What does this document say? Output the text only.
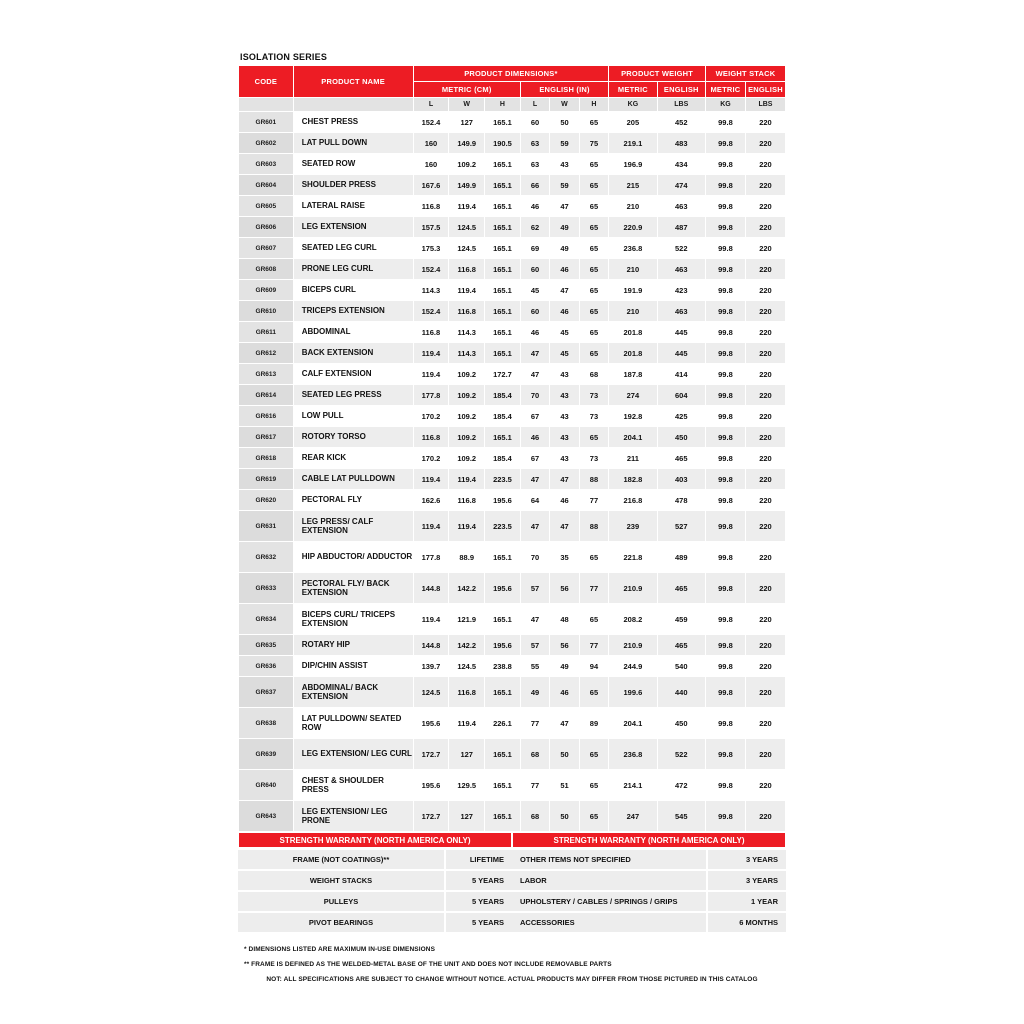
ISOLATION SERIES
CODE	PRODUCT NAME	PRODUCT DIMENSIONS*						PRODUCT WEIGHT		WEIGHT STACK	
		METRIC (CM)			ENGLISH (IN)			METRIC	ENGLISH	METRIC	ENGLISH
		L	W	H	L	W	H	KG	LBS	KG	LBS
GR601	CHEST PRESS	152.4	127	165.1	60	50	65	205	452	99.8	220
GR602	LAT PULL DOWN	160	149.9	190.5	63	59	75	219.1	483	99.8	220
GR603	SEATED ROW	160	109.2	165.1	63	43	65	196.9	434	99.8	220
GR604	SHOULDER PRESS	167.6	149.9	165.1	66	59	65	215	474	99.8	220
GR605	LATERAL RAISE	116.8	119.4	165.1	46	47	65	210	463	99.8	220
GR606	LEG EXTENSION	157.5	124.5	165.1	62	49	65	220.9	487	99.8	220
GR607	SEATED LEG CURL	175.3	124.5	165.1	69	49	65	236.8	522	99.8	220
GR608	PRONE LEG CURL	152.4	116.8	165.1	60	46	65	210	463	99.8	220
GR609	BICEPS CURL	114.3	119.4	165.1	45	47	65	191.9	423	99.8	220
GR610	TRICEPS EXTENSION	152.4	116.8	165.1	60	46	65	210	463	99.8	220
GR611	ABDOMINAL	116.8	114.3	165.1	46	45	65	201.8	445	99.8	220
GR612	BACK EXTENSION	119.4	114.3	165.1	47	45	65	201.8	445	99.8	220
GR613	CALF EXTENSION	119.4	109.2	172.7	47	43	68	187.8	414	99.8	220
GR614	SEATED LEG PRESS	177.8	109.2	185.4	70	43	73	274	604	99.8	220
GR616	LOW PULL	170.2	109.2	185.4	67	43	73	192.8	425	99.8	220
GR617	ROTORY TORSO	116.8	109.2	165.1	46	43	65	204.1	450	99.8	220
GR618	REAR KICK	170.2	109.2	185.4	67	43	73	211	465	99.8	220
GR619	CABLE LAT PULLDOWN	119.4	119.4	223.5	47	47	88	182.8	403	99.8	220
GR620	PECTORAL FLY	162.6	116.8	195.6	64	46	77	216.8	478	99.8	220
GR631	LEG PRESS/ CALF EXTENSION	119.4	119.4	223.5	47	47	88	239	527	99.8	220
GR632	HIP ABDUCTOR/ ADDUCTOR	177.8	88.9	165.1	70	35	65	221.8	489	99.8	220
GR633	PECTORAL FLY/ BACK EXTENSION	144.8	142.2	195.6	57	56	77	210.9	465	99.8	220
GR634	BICEPS CURL/ TRICEPS EXTENSION	119.4	121.9	165.1	47	48	65	208.2	459	99.8	220
GR635	ROTARY HIP	144.8	142.2	195.6	57	56	77	210.9	465	99.8	220
GR636	DIP/CHIN ASSIST	139.7	124.5	238.8	55	49	94	244.9	540	99.8	220
GR637	ABDOMINAL/ BACK EXTENSION	124.5	116.8	165.1	49	46	65	199.6	440	99.8	220
GR638	LAT PULLDOWN/ SEATED ROW	195.6	119.4	226.1	77	47	89	204.1	450	99.8	220
GR639	LEG EXTENSION/ LEG CURL	172.7	127	165.1	68	50	65	236.8	522	99.8	220
GR640	CHEST & SHOULDER PRESS	195.6	129.5	165.1	77	51	65	214.1	472	99.8	220
GR643	LEG EXTENSION/ LEG PRONE	172.7	127	165.1	68	50	65	247	545	99.8	220
STRENGTH WARRANTY (NORTH AMERICA ONLY)
FRAME (NOT COATINGS)**	LIFETIME
WEIGHT STACKS	5 YEARS
PULLEYS	5 YEARS
PIVOT BEARINGS	5 YEARS
STRENGTH WARRANTY (NORTH AMERICA ONLY)
OTHER ITEMS NOT SPECIFIED	3 YEARS
LABOR	3 YEARS
UPHOLSTERY / CABLES / SPRINGS / GRIPS	1 YEAR
ACCESSORIES	6 MONTHS
* DIMENSIONS LISTED ARE MAXIMUM IN-USE DIMENSIONS
** FRAME IS DEFINED AS THE WELDED-METAL BASE OF THE UNIT AND DOES NOT INCLUDE REMOVABLE PARTS
NOT: ALL SPECIFICATIONS ARE SUBJECT TO CHANGE WITHOUT NOTICE. ACTUAL PRODUCTS MAY DIFFER FROM THOSE PICTURED IN THIS CATALOG
